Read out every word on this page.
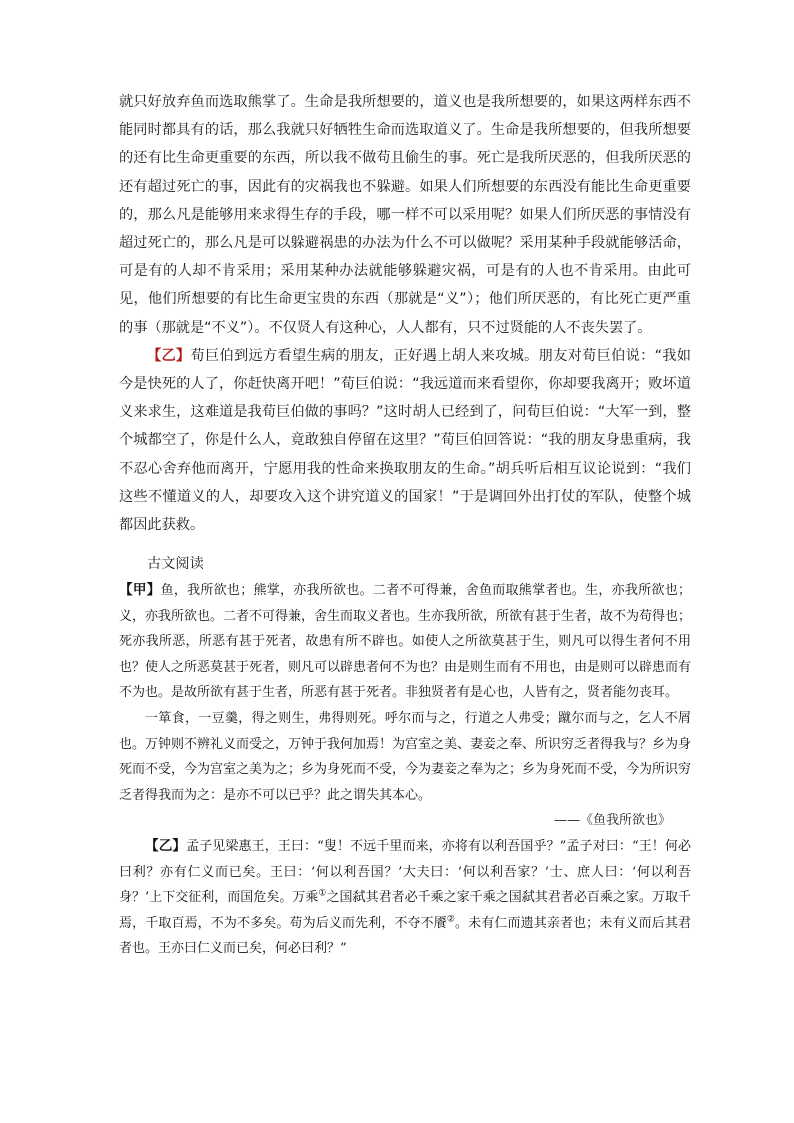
就只好放弃鱼而选取熊掌了。生命是我所想要的，道义也是我所想要的，如果这两样东西不能同时都具有的话，那么我就只好牺牲生命而选取道义了。生命是我所想要的，但我所想要的还有比生命更重要的东西，所以我不做苟且偷生的事。死亡是我所厌恶的，但我所厌恶的还有超过死亡的事，因此有的灾祸我也不躲避。如果人们所想要的东西没有能比生命更重要的，那么凡是能够用来求得生存的手段，哪一样不可以采用呢？如果人们所厌恶的事情没有超过死亡的，那么凡是可以躲避祸患的办法为什么不可以做呢？采用某种手段就能够活命，可是有的人却不肯采用；采用某种办法就能够躲避灾祸，可是有的人也不肯采用。由此可见，他们所想要的有比生命更宝贵的东西（那就是“义”）；他们所厌恶的，有比死亡更严重的事（那就是“不义”）。不仅贤人有这种心，人人都有，只不过贤能的人不丧失罢了。

【乙】荀巨伯到远方看望生病的朋友，正好遇上胡人来攻城。朋友对荀巨伯说：“我如今是快死的人了，你赶快离开吧！”荀巨伯说：“我远道而来看望你，你却要我离开；败坏道义来求生，这难道是我荀巨伯做的事吗？”这时胡人已经到了，问荀巨伯说：“大军一到，整个城都空了，你是什么人，竟敢独自停留在这里？”荀巨伯回答说：“我的朋友身患重病，我不忍心舍弃他而离开，宁愿用我的性命来换取朋友的生命。”胡兵听后相互议论说到：“我们这些不懂道义的人，却要攻入这个讲究道义的国家！”于是调回外出打仗的军队，使整个城都因此获救。

古文阅读

【甲】鱼，我所欲也；熊掌，亦我所欲也。二者不可得兼，舍鱼而取熊掌者也。生，亦我所欲也；义，亦我所欲也。二者不可得兼，舍生而取义者也。生亦我所欲，所欲有甚于生者，故不为苟得也；死亦我所恶，所恶有甚于死者，故患有所不辟也。如使人之所欲莫甚于生，则凡可以得生者何不用也？使人之所恶莫甚于死者，则凡可以辟患者何不为也？由是则生而有不用也，由是则可以辟患而有不为也。是故所欲有甚于生者，所恶有甚于死者。非独贤者有是心也，人皆有之，贤者能勿丧耳。

一箪食，一豆羹，得之则生，弗得则死。呼尔而与之，行道之人弗受；蹴尔而与之，乞人不屑也。万钟则不辨礼义而受之，万钟于我何加焉！为宫室之美、妻妾之奉、所识穷乏者得我与？乡为身死而不受，今为宫室之美为之；乡为身死而不受，今为妻妾之奉为之；乡为身死而不受，今为所识穷乏者得我而为之：是亦不可以已乎？此之谓失其本心。

——《鱼我所欲也》

【乙】孟子见梁惠王，王曰：“叟！不远千里而来，亦将有以利吾国乎？”孟子对曰：“王！何必曰利？亦有仁义而已矣。王曰：‘何以利吾国？’大夫曰：‘何以利吾家？’士、庶人曰：‘何以利吾身？’上下交征利，而国危矣。万乘①之国弑其君者必千乘之家千乘之国弑其君者必百乘之家。万取千焉，千取百焉，不为不多矣。苟为后义而先利，不夺不餍②。未有仁而遗其亲者也；未有义而后其君者也。王亦曰仁义而已矣，何必曰利？”
